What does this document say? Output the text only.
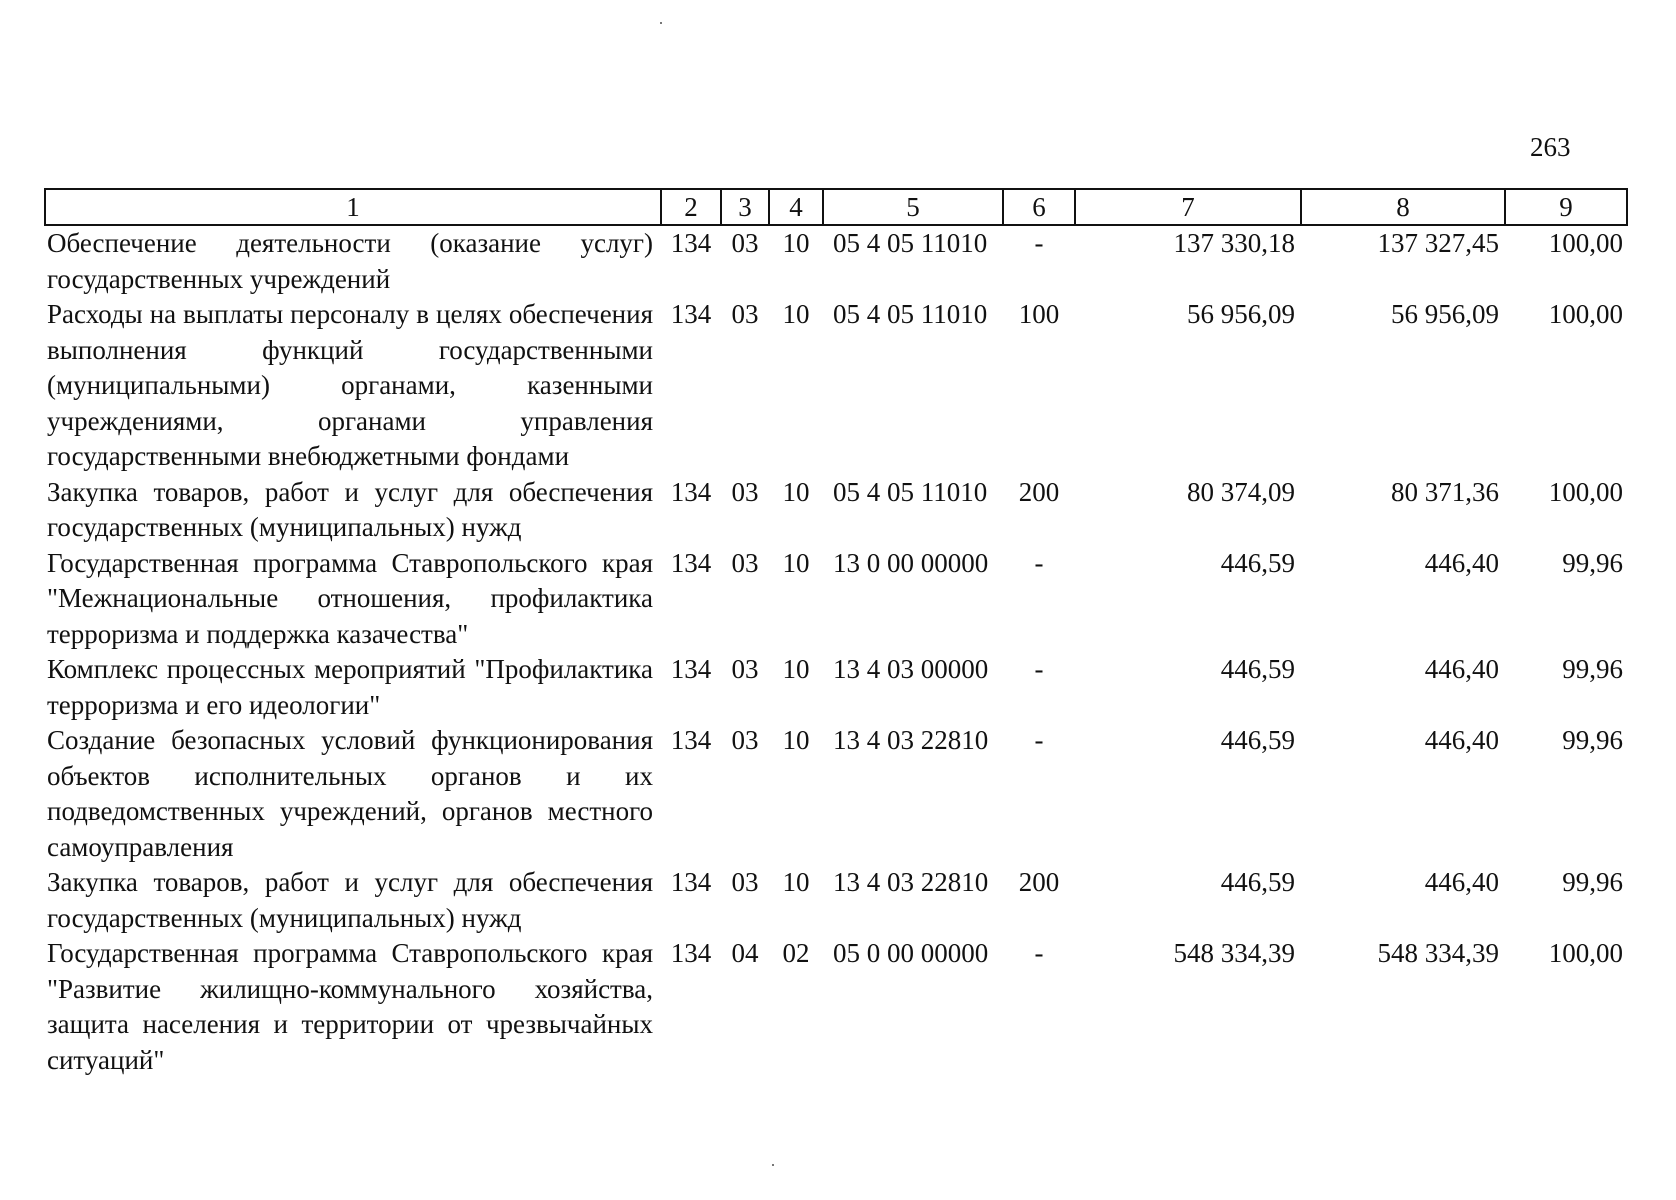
263
1	2	3	4	5	6	7	8	9
Обеспечение деятельности (оказание услуг) государственных учреждений	134	03	10	05 4 05 11010	-	137 330,18	137 327,45	100,00
Расходы на выплаты персоналу в целях обеспечения выполнения функций государственными (муниципальными) органами, казенными учреждениями, органами управления государственными внебюджетными фондами	134	03	10	05 4 05 11010	100	56 956,09	56 956,09	100,00
Закупка товаров, работ и услуг для обеспечения государственных (муниципальных) нужд	134	03	10	05 4 05 11010	200	80 374,09	80 371,36	100,00
Государственная программа Ставропольского края "Межнациональные отношения, профилактика терроризма и поддержка казачества"	134	03	10	13 0 00 00000	-	446,59	446,40	99,96
Комплекс процессных мероприятий "Профилактика терроризма и его идеологии"	134	03	10	13 4 03 00000	-	446,59	446,40	99,96
Создание безопасных условий функционирования объектов исполнительных органов и их подведомственных учреждений, органов местного самоуправления	134	03	10	13 4 03 22810	-	446,59	446,40	99,96
Закупка товаров, работ и услуг для обеспечения государственных (муниципальных) нужд	134	03	10	13 4 03 22810	200	446,59	446,40	99,96
Государственная программа Ставропольского края "Развитие жилищно-коммунального хозяйства, защита населения и территории от чрезвычайных ситуаций"	134	04	02	05 0 00 00000	-	548 334,39	548 334,39	100,00
